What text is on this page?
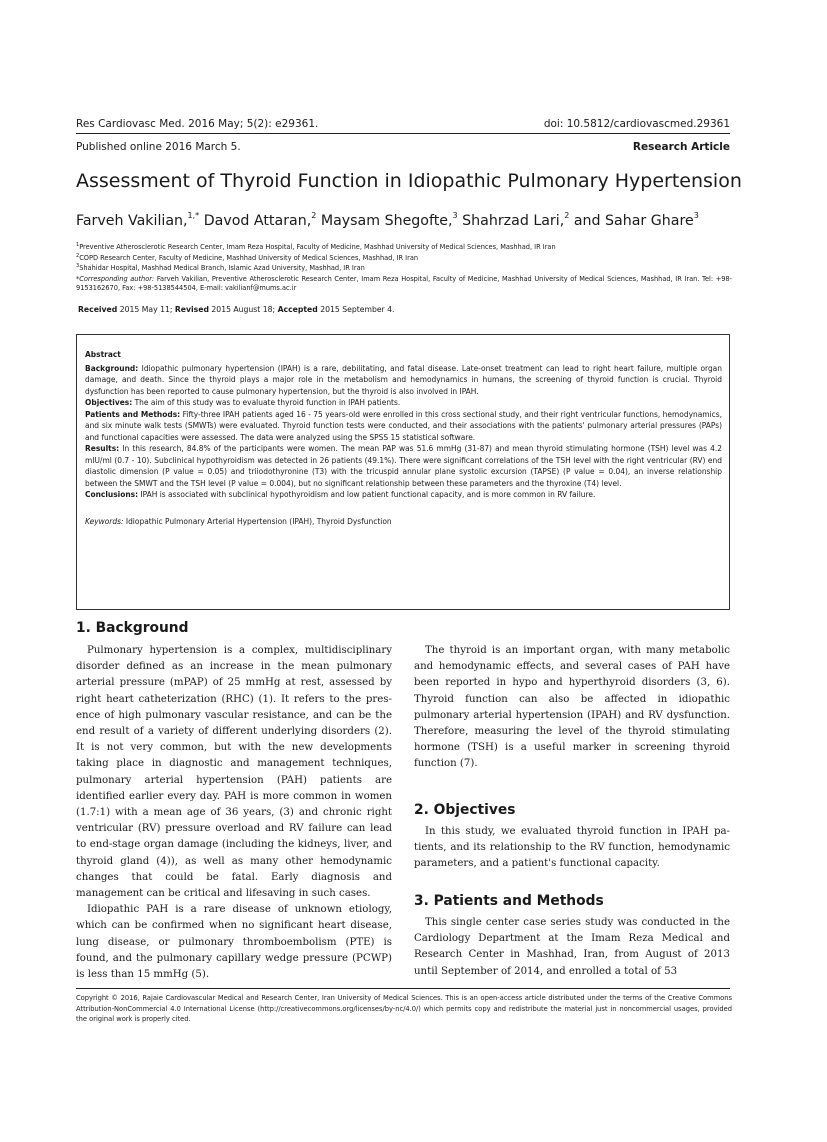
Res Cardiovasc Med. 2016 May; 5(2): e29361.	doi: 10.5812/cardiovascmed.29361
Published online 2016 March 5.	Research Article
Assessment of Thyroid Function in Idiopathic Pulmonary Hypertension
Farveh Vakilian,$^{1,*}$ Davod Attaran,$^2$ Maysam Shegofte,$^3$ Shahrzad Lari,$^2$ and Sahar Ghare$^3$
$^1$Preventive Atherosclerotic Research Center, Imam Reza Hospital, Faculty of Medicine, Mashhad University of Medical Sciences, Mashhad, IR Iran
$^2$COPD Research Center, Faculty of Medicine, Mashhad University of Medical Sciences, Mashhad, IR Iran
$^3$Shahidar Hospital, Mashhad Medical Branch, Islamic Azad University, Mashhad, IR Iran
*Corresponding author: Farveh Vakilian, Preventive Atherosclerotic Research Center, Imam Reza Hospital, Faculty of Medicine, Mashhad University of Medical Sciences, Mashhad, IR Iran. Tel: +98-9153162670, Fax: +98-5138544504, E-mail: vakilianf@mums.ac.ir
Received 2015 May 11; Revised 2015 August 18; Accepted 2015 September 4.

Abstract

Background: Idiopathic pulmonary hypertension (IPAH) is a rare, debilitating, and fatal disease. Late-onset treatment can lead to right heart failure, multiple organ damage, and death. Since the thyroid plays a major role in the metabolism and hemodynamics in humans, the screening of thyroid function is crucial. Thyroid dysfunction has been reported to cause pulmonary hypertension, but the thyroid is also involved in IPAH.

Objectives: The aim of this study was to evaluate thyroid function in IPAH patients.

Patients and Methods: Fifty-three IPAH patients aged 16 - 75 years-old were enrolled in this cross sectional study, and their right ventricular functions, hemodynamics, and six minute walk tests (SMWTs) were evaluated. Thyroid function tests were conducted, and their associations with the patients' pulmonary arterial pressures (PAPs) and functional capacities were assessed. The data were analyzed using the SPSS 15 statistical software.

Results: In this research, 84.8% of the participants were women. The mean PAP was 51.6 mmHg (31-87) and mean thyroid stimulating hormone (TSH) level was 4.2 mIU/ml (0.7 - 10). Subclinical hypothyroidism was detected in 26 patients (49.1%). There were significant correlations of the TSH level with the right ventricular (RV) end diastolic dimension (P value = 0.05) and triiodothyronine (T3) with the tricuspid annular plane systolic excursion (TAPSE) (P value = 0.04), an inverse relationship between the SMWT and the TSH level (P value = 0.004), but no significant relationship between these parameters and the thyroxine (T4) level.

Conclusions: IPAH is associated with subclinical hypothyroidism and low patient functional capacity, and is more common in RV failure.

Keywords: Idiopathic Pulmonary Arterial Hypertension (IPAH), Thyroid Dysfunction

1. Background

Pulmonary hypertension is a complex, multidisciplinary disorder defined as an increase in the mean pulmonary arterial pressure (mPAP) of 25 mmHg at rest, assessed by right heart catheterization (RHC) (1). It refers to the presence of high pulmonary vascular resistance, and can be the end result of a variety of different underlying disorders (2). It is not very common, but with the new developments taking place in diagnostic and management techniques, pulmonary arterial hypertension (PAH) patients are identified earlier every day. PAH is more common in women (1.7:1) with a mean age of 36 years, (3) and chronic right ventricular (RV) pressure overload and RV failure can lead to end-stage organ damage (including the kidneys, liver, and thyroid gland (4)), as well as many other hemodynamic changes that could be fatal. Early diagnosis and management can be critical and lifesaving in such cases.

Idiopathic PAH is a rare disease of unknown etiology, which can be confirmed when no significant heart disease, lung disease, or pulmonary thromboembolism (PTE) is found, and the pulmonary capillary wedge pressure (PCWP) is less than 15 mmHg (5).

The thyroid is an important organ, with many metabolic and hemodynamic effects, and several cases of PAH have been reported in hypo and hyperthyroid disorders (3, 6). Thyroid function can also be affected in idiopathic pulmonary arterial hypertension (IPAH) and RV dysfunction. Therefore, measuring the level of the thyroid stimulating hormone (TSH) is a useful marker in screening thyroid function (7).

2. Objectives

In this study, we evaluated thyroid function in IPAH patients, and its relationship to the RV function, hemodynamic parameters, and a patient's functional capacity.

3. Patients and Methods

This single center case series study was conducted in the Cardiology Department at the Imam Reza Medical and Research Center in Mashhad, Iran, from August of 2013 until September of 2014, and enrolled a total of 53

Copyright © 2016, Rajaie Cardiovascular Medical and Research Center, Iran University of Medical Sciences. This is an open-access article distributed under the terms of the Creative Commons Attribution-NonCommercial 4.0 International License (http://creativecommons.org/licenses/by-nc/4.0/) which permits copy and redistribute the material just in noncommercial usages, provided the original work is properly cited.
